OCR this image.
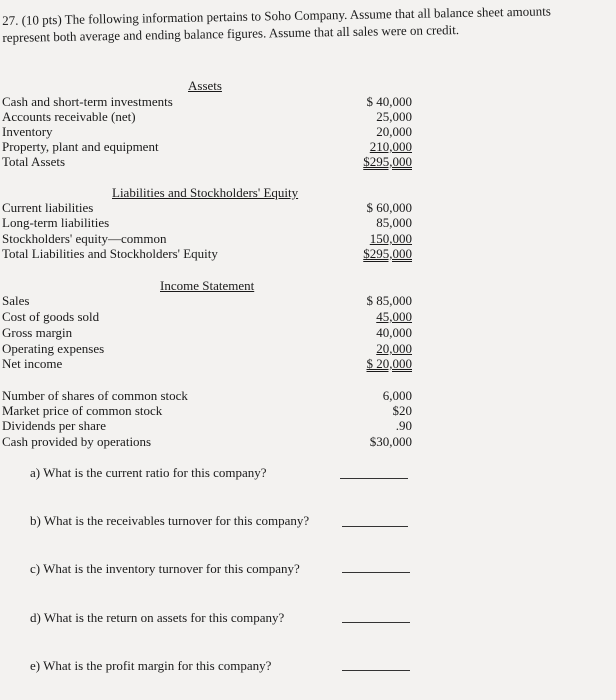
27. (10 pts) The following information pertains to Soho Company. Assume that all balance sheet amounts
represent both average and ending balance figures. Assume that all sales were on credit.
Assets
Cash and short-term investments	$ 40,000
Accounts receivable (net)	25,000
Inventory	20,000
Property, plant and equipment	210,000
Total Assets	$295,000
Liabilities and Stockholders' Equity
Current liabilities	$ 60,000
Long-term liabilities	85,000
Stockholders' equity—common	150,000
Total Liabilities and Stockholders' Equity	$295,000
Income Statement
Sales	$ 85,000
Cost of goods sold	45,000
Gross margin	40,000
Operating expenses	20,000
Net income	$ 20,000
Number of shares of common stock	6,000
Market price of common stock	$20
Dividends per share	.90
Cash provided by operations	$30,000
a) What is the current ratio for this company?
b) What is the receivables turnover for this company?
c) What is the inventory turnover for this company?
d) What is the return on assets for this company?
e) What is the profit margin for this company?
